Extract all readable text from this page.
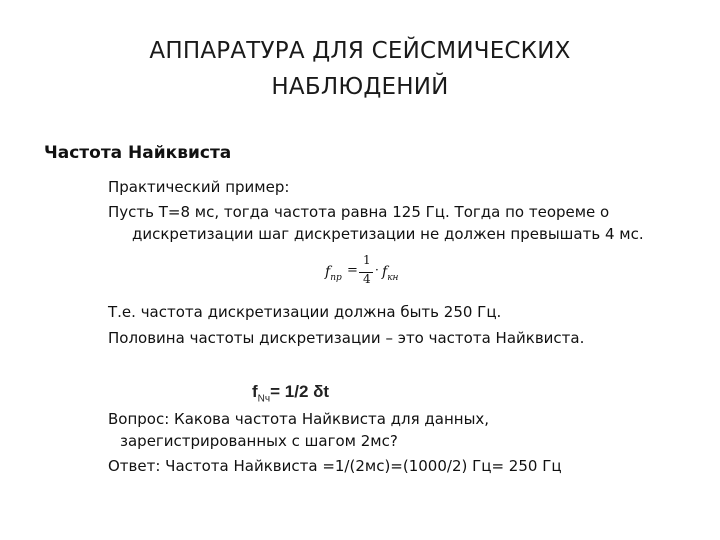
АППАРАТУРА ДЛЯ СЕЙСМИЧЕСКИХ
НАБЛЮДЕНИЙ
Частота Найквиста
Практический пример:
Пусть T=8 мс, тогда частота равна 125 Гц. Тогда по теореме о
дискретизации шаг дискретизации не должен превышать 4 мс.
$f_{пр}$ =
1
4
· $f_{кн}$
Т.е. частота дискретизации должна быть 250 Гц.
Половина частоты дискретизации – это частота Найквиста.
$f_{Nч}= 1/2$ δt
Вопрос: Какова частота Найквиста для данных,
зарегистрированных с шагом 2мс?
Ответ: Частота Найквиста =1/(2мс)=(1000/2) Гц= 250 Гц
